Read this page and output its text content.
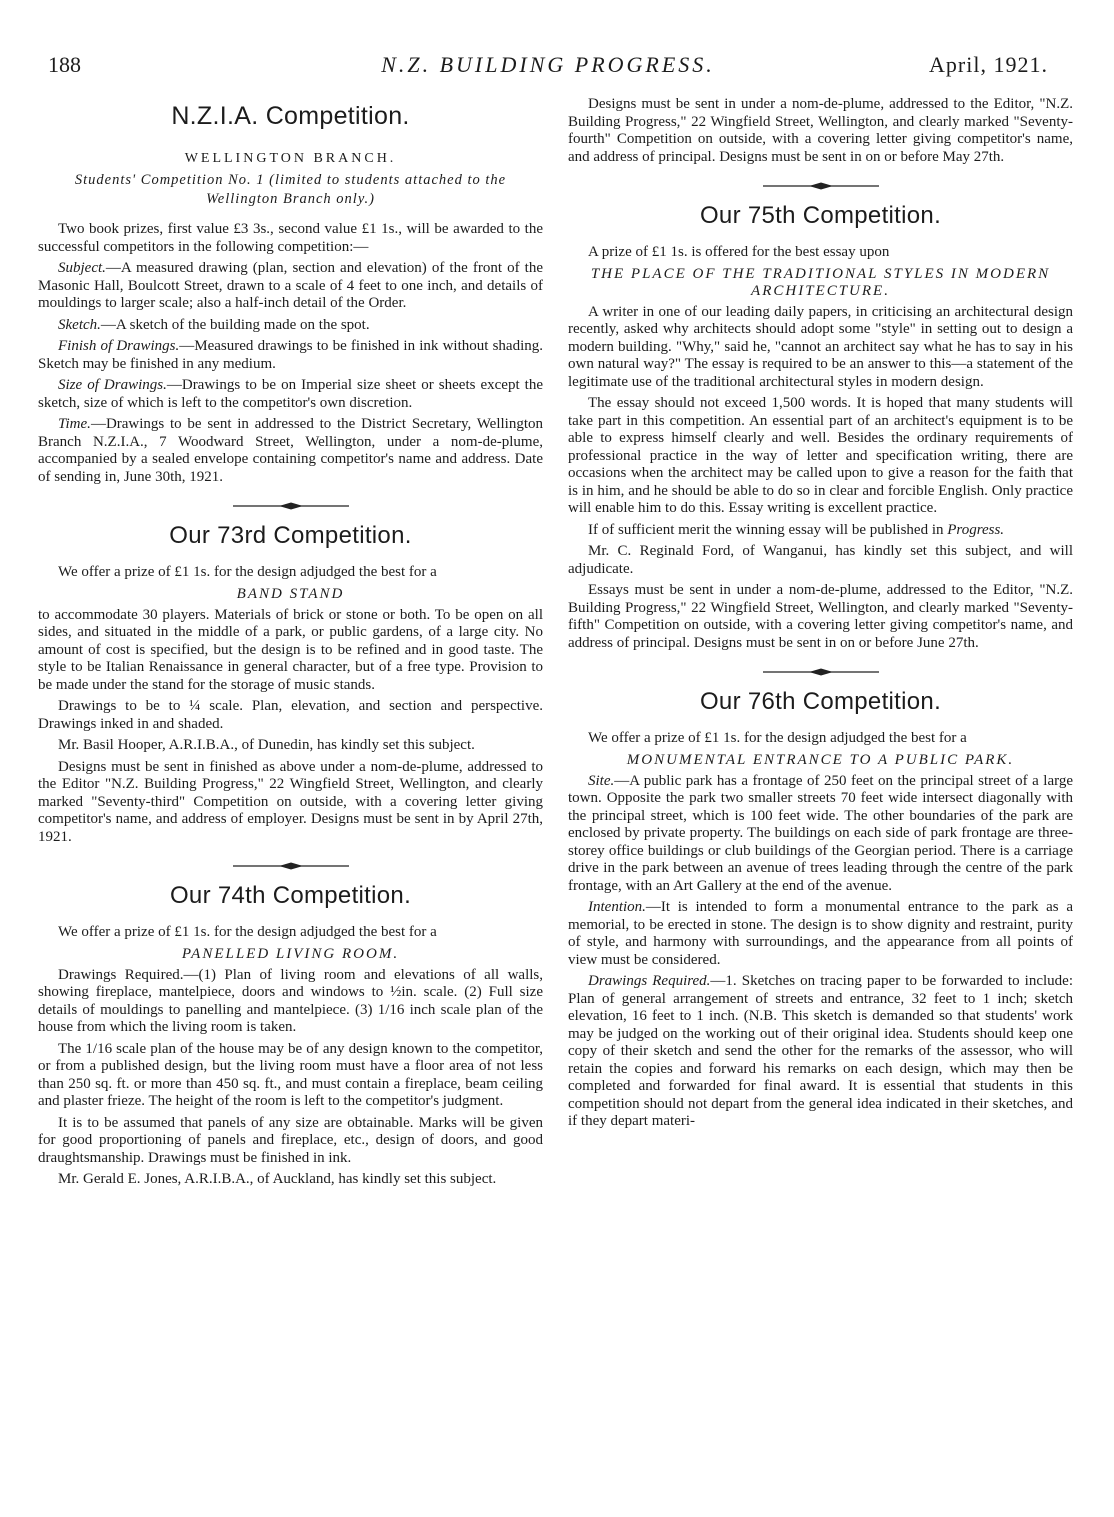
188	N.Z. BUILDING PROGRESS.	April, 1921.
N.Z.I.A. Competition.
WELLINGTON BRANCH.
Students' Competition No. 1 (limited to students attached to the Wellington Branch only.)

Two book prizes, first value £3 3s., second value £1 1s., will be awarded to the successful competitors in the following competition:—

Subject.—A measured drawing (plan, section and elevation) of the front of the Masonic Hall, Boulcott Street, drawn to a scale of 4 feet to one inch, and details of mouldings to larger scale; also a half-inch detail of the Order.

Sketch.—A sketch of the building made on the spot.

Finish of Drawings.—Measured drawings to be finished in ink without shading. Sketch may be finished in any medium.

Size of Drawings.—Drawings to be on Imperial size sheet or sheets except the sketch, size of which is left to the competitor's own discretion.

Time.—Drawings to be sent in addressed to the District Secretary, Wellington Branch N.Z.I.A., 7 Woodward Street, Wellington, under a nom-de-plume, accompanied by a sealed envelope containing competitor's name and address. Date of sending in, June 30th, 1921.

Our 73rd Competition.

We offer a prize of £1 1s. for the design adjudged the best for a

BAND STAND

to accommodate 30 players. Materials of brick or stone or both. To be open on all sides, and situated in the middle of a park, or public gardens, of a large city. No amount of cost is specified, but the design is to be refined and in good taste. The style to be Italian Renaissance in general character, but of a free type. Provision to be made under the stand for the storage of music stands.

Drawings to be to ¼ scale. Plan, elevation, and section and perspective. Drawings inked in and shaded.

Mr. Basil Hooper, A.R.I.B.A., of Dunedin, has kindly set this subject.

Designs must be sent in finished as above under a nom-de-plume, addressed to the Editor "N.Z. Building Progress," 22 Wingfield Street, Wellington, and clearly marked "Seventy-third" Competition on outside, with a covering letter giving competitor's name, and address of employer. Designs must be sent in by April 27th, 1921.

Our 74th Competition.

We offer a prize of £1 1s. for the design adjudged the best for a

PANELLED LIVING ROOM.

Drawings Required.—(1) Plan of living room and elevations of all walls, showing fireplace, mantelpiece, doors and windows to ½in. scale. (2) Full size details of mouldings to panelling and mantelpiece. (3) 1/16 inch scale plan of the house from which the living room is taken.

The 1/16 scale plan of the house may be of any design known to the competitor, or from a published design, but the living room must have a floor area of not less than 250 sq. ft. or more than 450 sq. ft., and must contain a fireplace, beam ceiling and plaster frieze. The height of the room is left to the competitor's judgment.

It is to be assumed that panels of any size are obtainable. Marks will be given for good proportioning of panels and fireplace, etc., design of doors, and good draughtsmanship. Drawings must be finished in ink.

Mr. Gerald E. Jones, A.R.I.B.A., of Auckland, has kindly set this subject.

Designs must be sent in under a nom-de-plume, addressed to the Editor, "N.Z. Building Progress," 22 Wingfield Street, Wellington, and clearly marked "Seventy-fourth" Competition on outside, with a covering letter giving competitor's name, and address of principal. Designs must be sent in on or before May 27th.

Our 75th Competition.

A prize of £1 1s. is offered for the best essay upon

THE PLACE OF THE TRADITIONAL STYLES IN MODERN ARCHITECTURE.

A writer in one of our leading daily papers, in criticising an architectural design recently, asked why architects should adopt some "style" in setting out to design a modern building. "Why," said he, "cannot an architect say what he has to say in his own natural way?" The essay is required to be an answer to this—a statement of the legitimate use of the traditional architectural styles in modern design.

The essay should not exceed 1,500 words. It is hoped that many students will take part in this competition. An essential part of an architect's equipment is to be able to express himself clearly and well. Besides the ordinary requirements of professional practice in the way of letter and specification writing, there are occasions when the architect may be called upon to give a reason for the faith that is in him, and he should be able to do so in clear and forcible English. Only practice will enable him to do this. Essay writing is excellent practice.

If of sufficient merit the winning essay will be published in Progress.

Mr. C. Reginald Ford, of Wanganui, has kindly set this subject, and will adjudicate.

Essays must be sent in under a nom-de-plume, addressed to the Editor, "N.Z. Building Progress," 22 Wingfield Street, Wellington, and clearly marked "Seventy-fifth" Competition on outside, with a covering letter giving competitor's name, and address of principal. Designs must be sent in on or before June 27th.

Our 76th Competition.

We offer a prize of £1 1s. for the design adjudged the best for a

MONUMENTAL ENTRANCE TO A PUBLIC PARK.

Site.—A public park has a frontage of 250 feet on the principal street of a large town. Opposite the park two smaller streets 70 feet wide intersect diagonally with the principal street, which is 100 feet wide. The other boundaries of the park are enclosed by private property. The buildings on each side of park frontage are three-storey office buildings or club buildings of the Georgian period. There is a carriage drive in the park between an avenue of trees leading through the centre of the park frontage, with an Art Gallery at the end of the avenue.

Intention.—It is intended to form a monumental entrance to the park as a memorial, to be erected in stone. The design is to show dignity and restraint, purity of style, and harmony with surroundings, and the appearance from all points of view must be considered.

Drawings Required.—1. Sketches on tracing paper to be forwarded to include: Plan of general arrangement of streets and entrance, 32 feet to 1 inch; sketch elevation, 16 feet to 1 inch. (N.B. This sketch is demanded so that students' work may be judged on the working out of their original idea. Students should keep one copy of their sketch and send the other for the remarks of the assessor, who will retain the copies and forward his remarks on each design, which may then be completed and forwarded for final award. It is essential that students in this competition should not depart from the general idea indicated in their sketches, and if they depart materi-
